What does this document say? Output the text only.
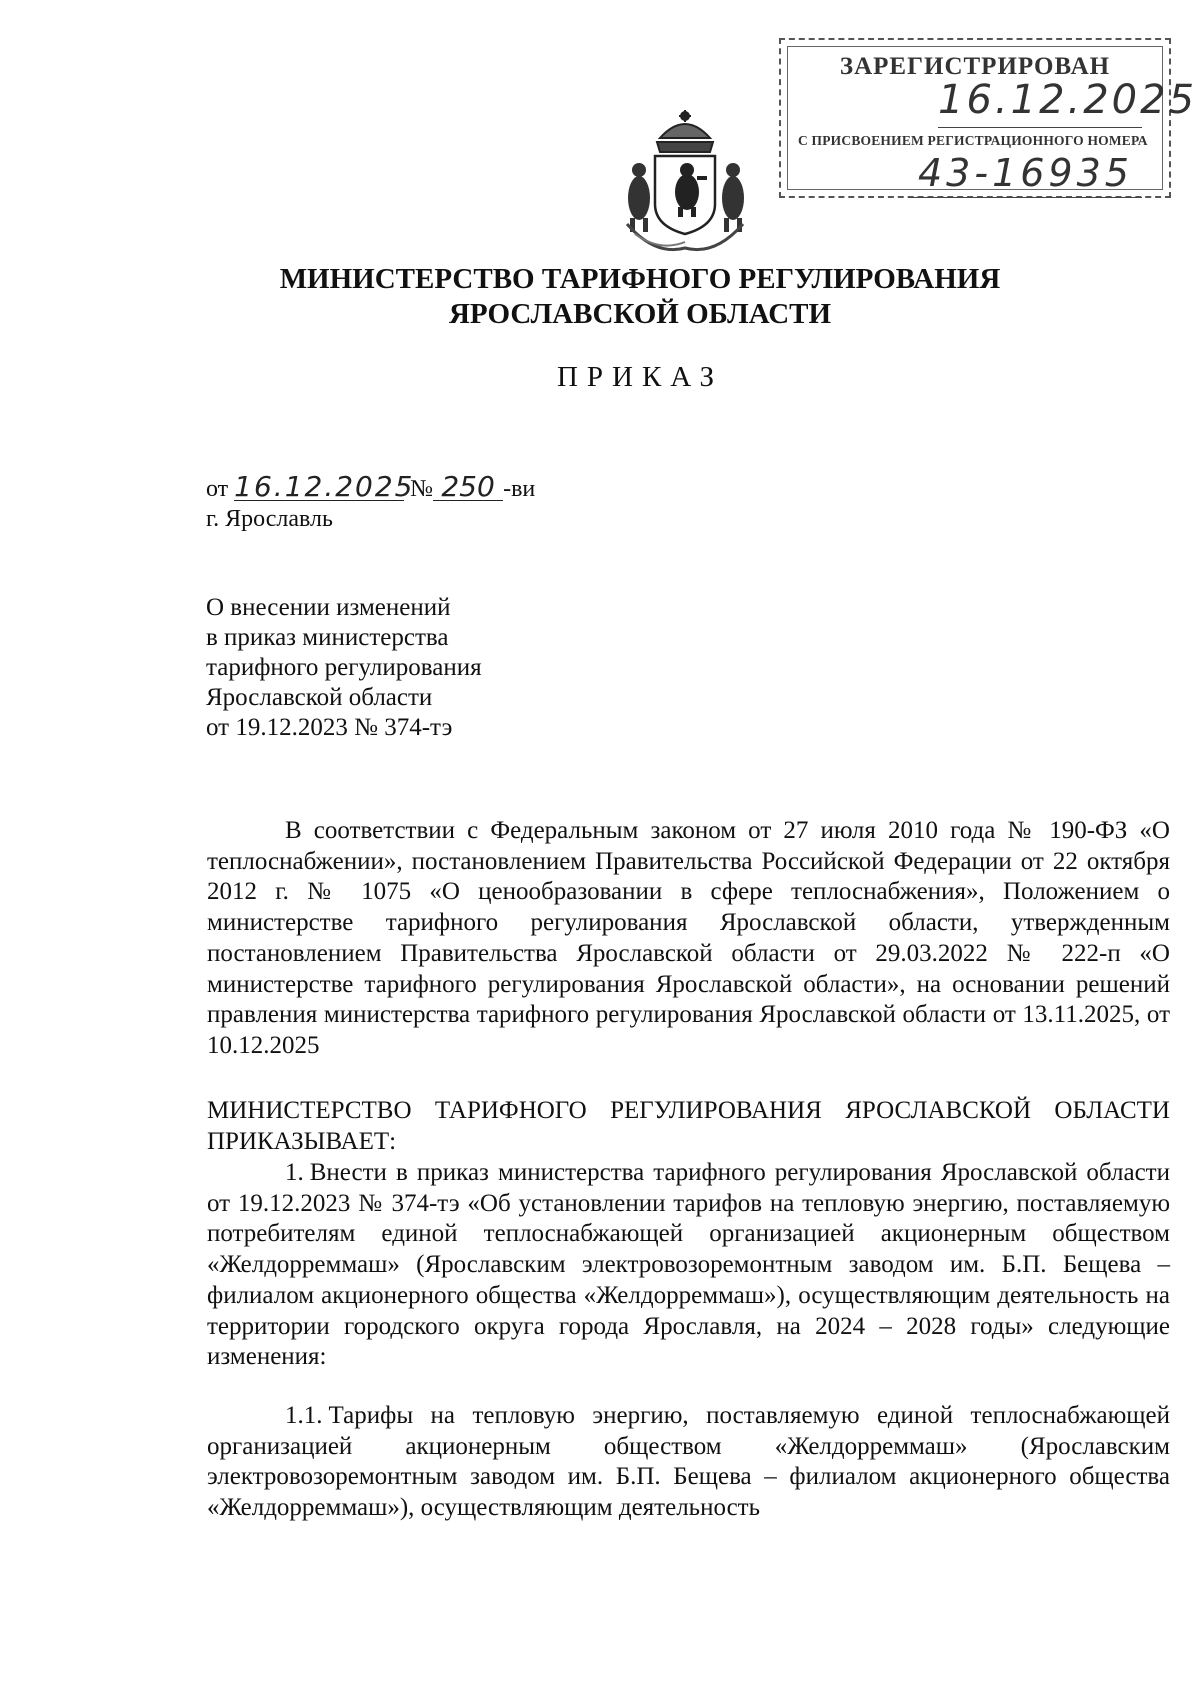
ЗАРЕГИСТРИРОВАН
16.12.2025
С ПРИСВОЕНИЕМ РЕГИСТРАЦИОННОГО НОМЕРА
43-16935
МИНИСТЕРСТВО ТАРИФНОГО РЕГУЛИРОВАНИЯ
ЯРОСЛАВСКОЙ ОБЛАСТИ
ПРИКАЗ
от 16.12.2025 № 250 -ви
г. Ярославль
О внесении изменений
в приказ министерства
тарифного регулирования
Ярославской области
от 19.12.2023 № 374-тэ
В соответствии с Федеральным законом от 27 июля 2010 года № 190-ФЗ «О теплоснабжении», постановлением Правительства Российской Федерации от 22 октября 2012 г. № 1075 «О ценообразовании в сфере теплоснабжения», Положением о министерстве тарифного регулирования Ярославской области, утвержденным постановлением Правительства Ярославской области от 29.03.2022 № 222-п «О министерстве тарифного регулирования Ярославской области», на основании решений правления министерства тарифного регулирования Ярославской области от 13.11.2025, от 10.12.2025
МИНИСТЕРСТВО ТАРИФНОГО РЕГУЛИРОВАНИЯ ЯРОСЛАВСКОЙ ОБЛАСТИ ПРИКАЗЫВАЕТ:
1. Внести в приказ министерства тарифного регулирования Ярославской области от 19.12.2023 № 374-тэ «Об установлении тарифов на тепловую энергию, поставляемую потребителям единой теплоснабжающей организацией акционерным обществом «Желдорреммаш» (Ярославским электровозоремонтным заводом им. Б.П. Бещева – филиалом акционерного общества «Желдорреммаш»), осуществляющим деятельность на территории городского округа города Ярославля, на 2024 – 2028 годы» следующие изменения:
1.1. Тарифы на тепловую энергию, поставляемую единой теплоснабжающей организацией акционерным обществом «Желдорреммаш» (Ярославским электровозоремонтным заводом им. Б.П. Бещева – филиалом акционерного общества «Желдорреммаш»), осуществляющим деятельность
